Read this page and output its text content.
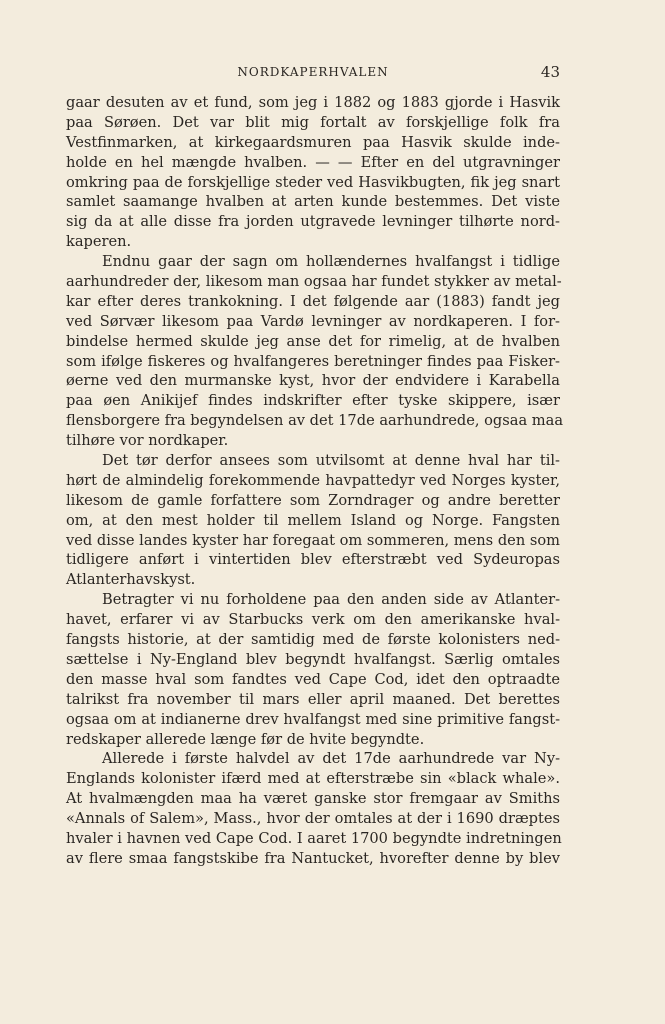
NORDKAPERHVALEN	43
gaar desuten av et fund, som jeg i 1882 og 1883 gjorde i Hasvik
paa Sørøen. Det var blit mig fortalt av forskjellige folk fra
Vestfinmarken, at kirkegaardsmuren paa Hasvik skulde inde-
holde en hel mængde hvalben. — — Efter en del utgravninger
omkring paa de forskjellige steder ved Hasvikbugten, fik jeg snart
samlet saamange hvalben at arten kunde bestemmes. Det viste
sig da at alle disse fra jorden utgravede levninger tilhørte nord-
kaperen.
Endnu gaar der sagn om hollændernes hvalfangst i tidlige
aarhundreder der, likesom man ogsaa har fundet stykker av metal-
kar efter deres trankokning. I det følgende aar (1883) fandt jeg
ved Sørvær likesom paa Vardø levninger av nordkaperen. I for-
bindelse hermed skulde jeg anse det for rimelig, at de hvalben
som ifølge fiskeres og hvalfangeres beretninger findes paa Fisker-
øerne ved den murmanske kyst, hvor der endvidere i Karabella
paa øen Anikijef findes indskrifter efter tyske skippere, især
flensborgere fra begyndelsen av det 17de aarhundrede, ogsaa maa
tilhøre vor nordkaper.
Det tør derfor ansees som utvilsomt at denne hval har til-
hørt de almindelig forekommende havpattedyr ved Norges kyster,
likesom de gamle forfattere som Zorndrager og andre beretter
om, at den mest holder til mellem Island og Norge. Fangsten
ved disse landes kyster har foregaat om sommeren, mens den som
tidligere anført i vintertiden blev efterstræbt ved Sydeuropas
Atlanterhavskyst.
Betragter vi nu forholdene paa den anden side av Atlanter-
havet, erfarer vi av Starbucks verk om den amerikanske hval-
fangsts historie, at der samtidig med de første kolonisters ned-
sættelse i Ny-England blev begyndt hvalfangst. Særlig omtales
den masse hval som fandtes ved Cape Cod, idet den optraadte
talrikst fra november til mars eller april maaned. Det berettes
ogsaa om at indianerne drev hvalfangst med sine primitive fangst-
redskaper allerede længe før de hvite begyndte.
Allerede i første halvdel av det 17de aarhundrede var Ny-
Englands kolonister ifærd med at efterstræbe sin «black whale».
At hvalmængden maa ha været ganske stor fremgaar av Smiths
«Annals of Salem», Mass., hvor der omtales at der i 1690 dræptes
hvaler i havnen ved Cape Cod. I aaret 1700 begyndte indretningen
av flere smaa fangstskibe fra Nantucket, hvorefter denne by blev
